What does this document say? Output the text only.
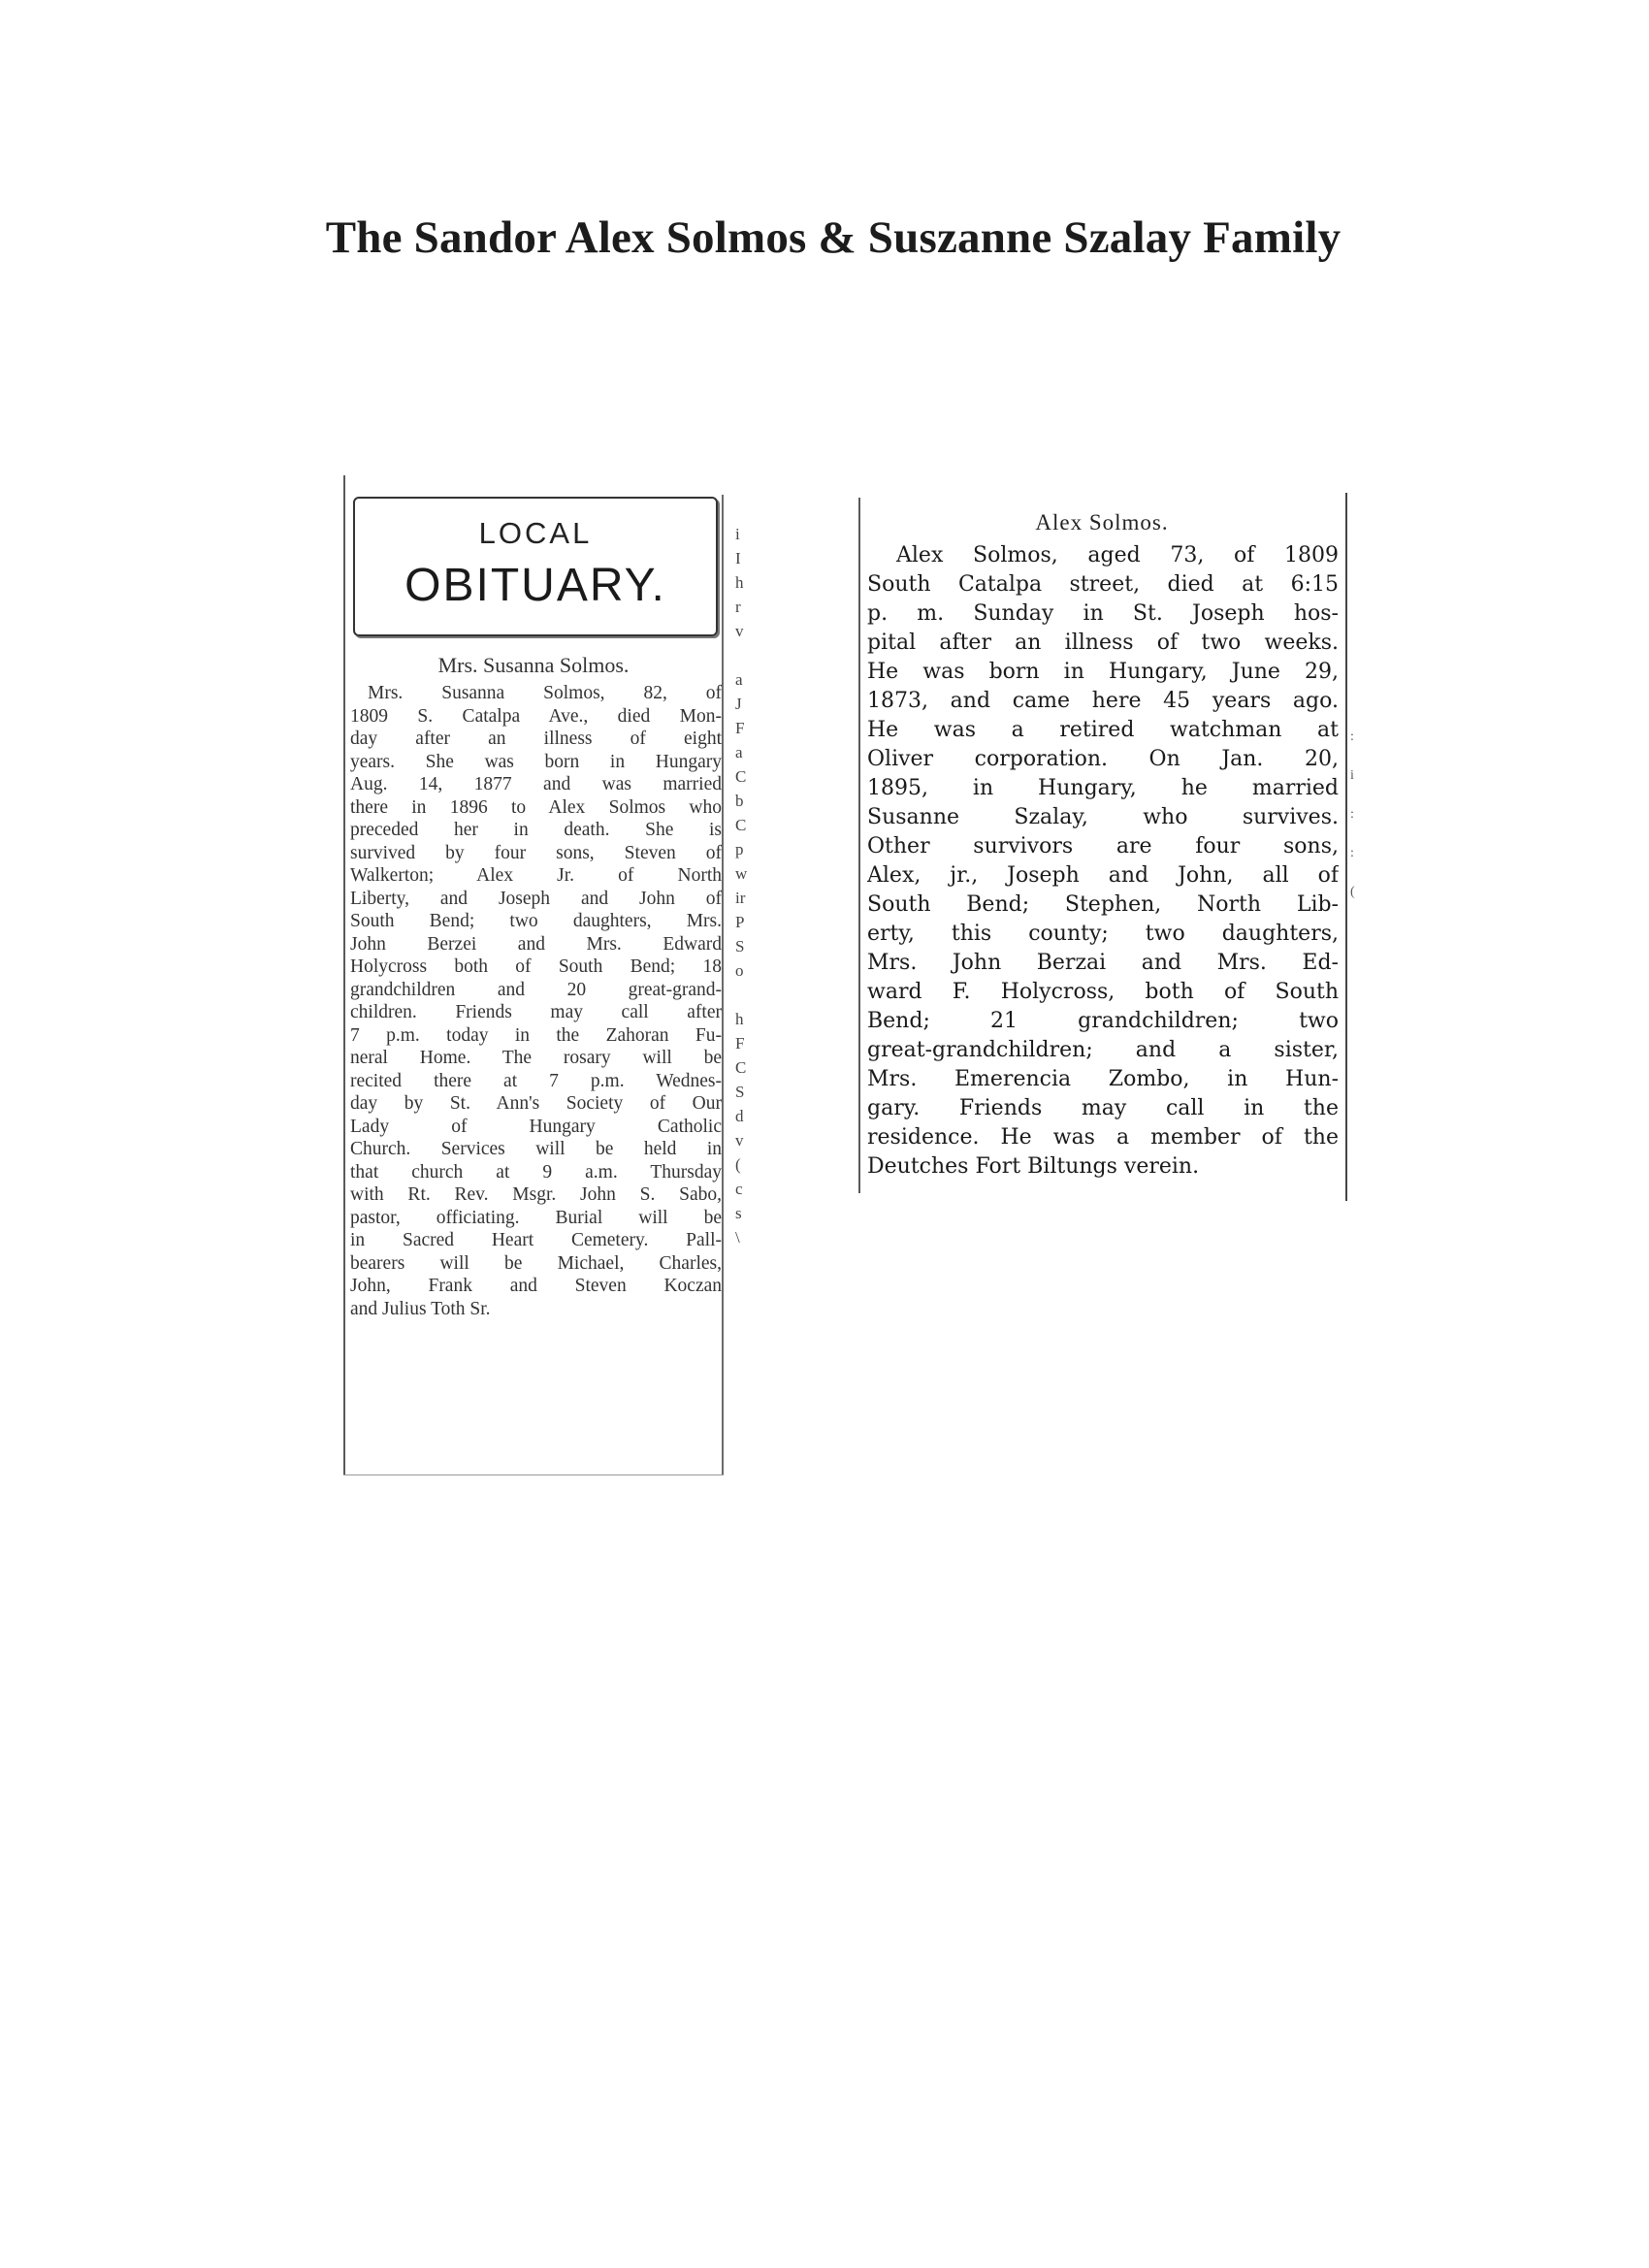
The Sandor Alex Solmos & Suszanne Szalay Family
LOCAL
OBITUARY.
Mrs. Susanna Solmos.
Mrs. Susanna Solmos, 82, of
1809 S. Catalpa Ave., died Mon-
day after an illness of eight
years. She was born in Hungary
Aug. 14, 1877 and was married
there in 1896 to Alex Solmos who
preceded her in death. She is
survived by four sons, Steven of
Walkerton; Alex Jr. of North
Liberty, and Joseph and John of
South Bend; two daughters, Mrs.
John Berzei and Mrs. Edward
Holycross both of South Bend; 18
grandchildren and 20 great-grand-
children. Friends may call after
7 p.m. today in the Zahoran Fu-
neral Home. The rosary will be
recited there at 7 p.m. Wednes-
day by St. Ann's Society of Our
Lady of Hungary Catholic
Church. Services will be held in
that church at 9 a.m. Thursday
with Rt. Rev. Msgr. John S. Sabo,
pastor, officiating. Burial will be
in Sacred Heart Cemetery. Pall-
bearers will be Michael, Charles,
John, Frank and Steven Koczan
and Julius Toth Sr.
i
I
h
r
v
a
J
F
a
C
b
C
p
w
ir
P
S
o
h
F
C
S
d
v
(
c
s
\
Alex Solmos.
Alex Solmos, aged 73, of 1809
South Catalpa street, died at 6:15
p. m. Sunday in St. Joseph hos-
pital after an illness of two weeks.
He was born in Hungary, June 29,
1873, and came here 45 years ago.
He was a retired watchman at
Oliver corporation. On Jan. 20,
1895, in Hungary, he married
Susanne Szalay, who survives.
Other survivors are four sons,
Alex, jr., Joseph and John, all of
South Bend; Stephen, North Lib-
erty, this county; two daughters,
Mrs. John Berzai and Mrs. Ed-
ward F. Holycross, both of South
Bend; 21 grandchildren; two
great-grandchildren; and a sister,
Mrs. Emerencia Zombo, in Hun-
gary. Friends may call in the
residence. He was a member of the
Deutches Fort Biltungs verein.
:
i
:
:
(
